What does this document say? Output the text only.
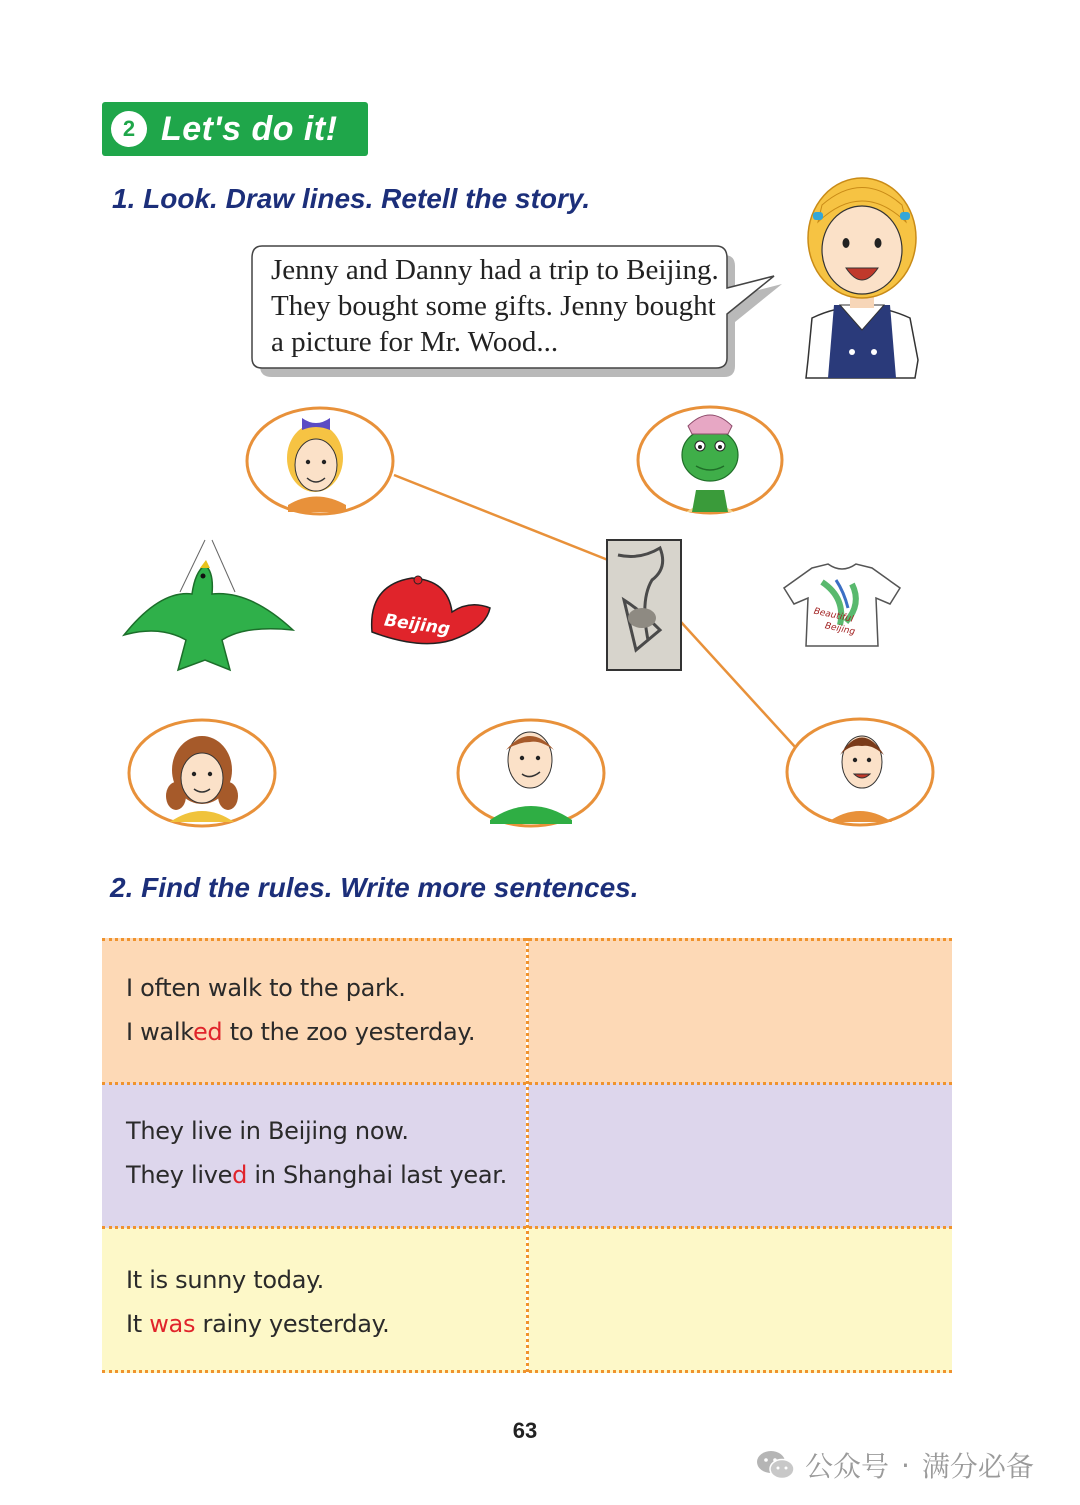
2 Let's do it!
1. Look. Draw lines. Retell the story.
Jenny and Danny had a trip to Beijing.
They bought some gifts. Jenny bought
a picture for Mr. Wood...
Beijing	Beautiful
Beijing
2. Find the rules. Write more sentences.
I often walk to the park.
I walked to the zoo yesterday.
They live in Beijing now.
They lived in Shanghai last year.
It is sunny today.
It was rainy yesterday.
63
公众号 · 满分必备
